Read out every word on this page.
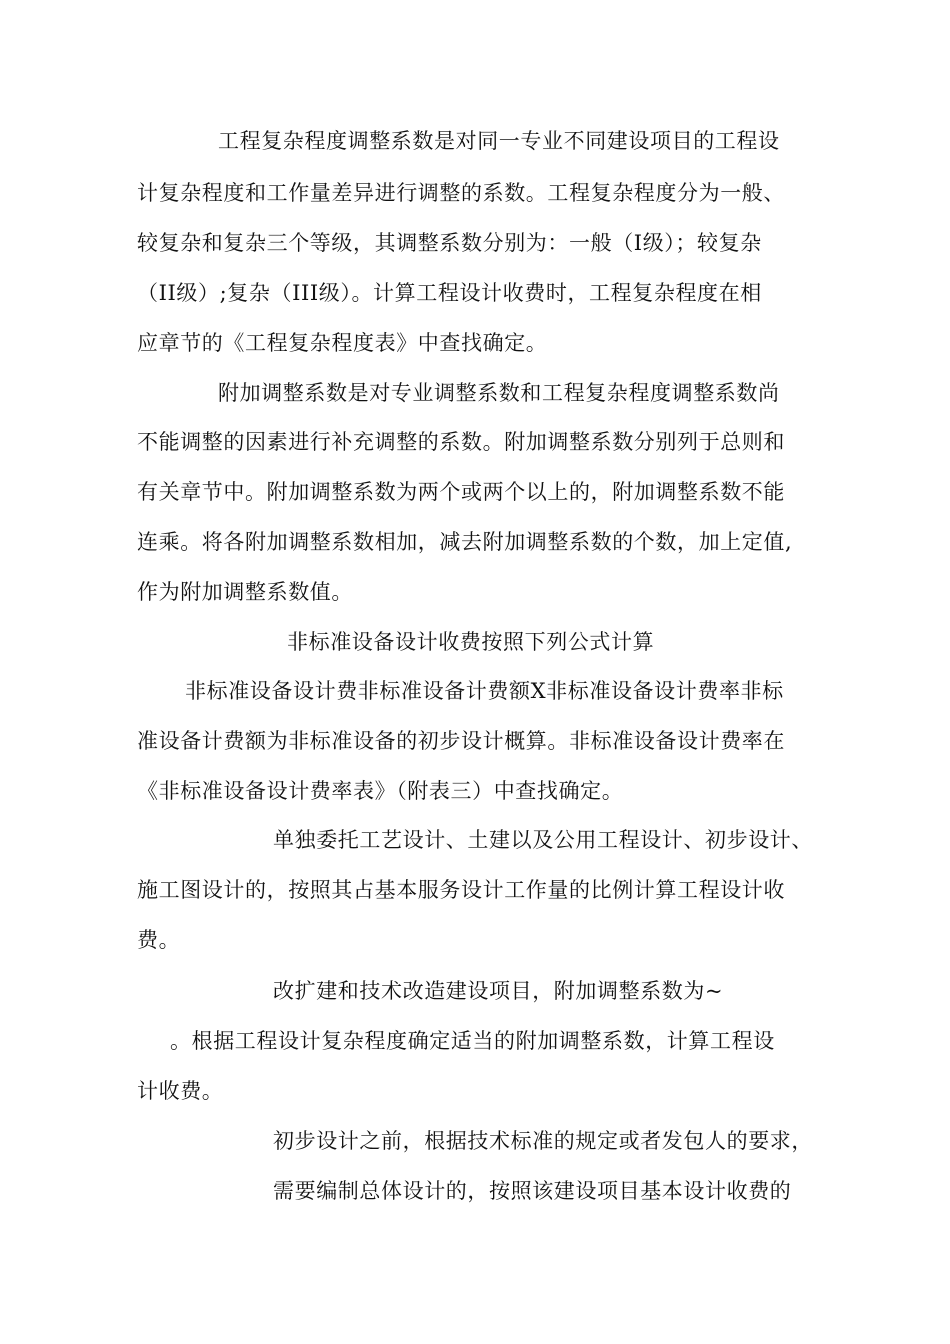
工程复杂程度调整系数是对同一专业不同建设项目的工程设
计复杂程度和工作量差异进行调整的系数。工程复杂程度分为一般、
较复杂和复杂三个等级，其调整系数分别为：一般（I级）；较复杂
（II级）;复杂（III级）。计算工程设计收费时，工程复杂程度在相
应章节的《工程复杂程度表》中查找确定。
附加调整系数是对专业调整系数和工程复杂程度调整系数尚
不能调整的因素进行补充调整的系数。附加调整系数分别列于总则和
有关章节中。附加调整系数为两个或两个以上的，附加调整系数不能
连乘。将各附加调整系数相加，减去附加调整系数的个数，加上定值,
作为附加调整系数值。
非标准设备设计收费按照下列公式计算
非标准设备设计费非标准设备计费额X非标准设备设计费率非标
准设备计费额为非标准设备的初步设计概算。非标准设备设计费率在
《非标准设备设计费率表》（附表三）中查找确定。
单独委托工艺设计、土建以及公用工程设计、初步设计、
施工图设计的，按照其占基本服务设计工作量的比例计算工程设计收
费。
改扩建和技术改造建设项目，附加调整系数为~
。根据工程设计复杂程度确定适当的附加调整系数，计算工程设
计收费。
初步设计之前，根据技术标准的规定或者发包人的要求，
需要编制总体设计的，按照该建设项目基本设计收费的
